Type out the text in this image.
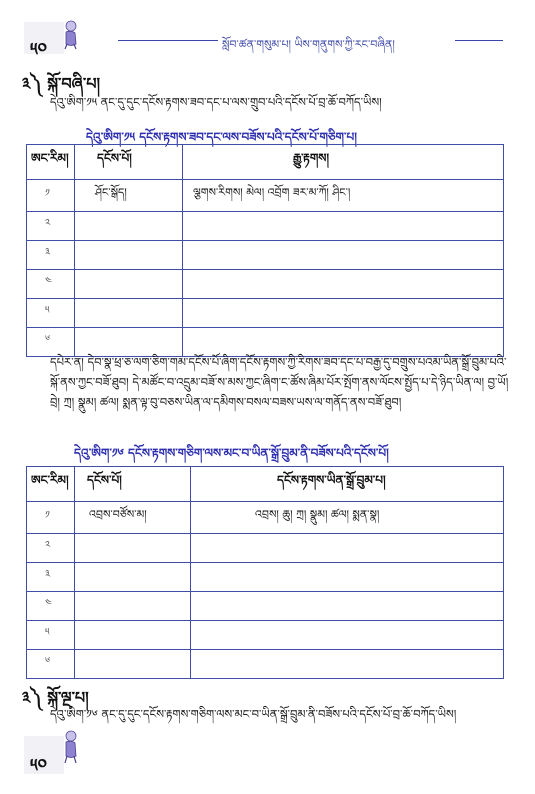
༥༠	སློབ་ཚན་གསུམ་པ། ཡིས་གནུགས་ཀྱི་རང་བཞིན།
༣༽ སྐོ་བཞི་པ།
དེའུ་ཨིག་༡༥ ནང་དུ་དུང་དངོས་རྟགས་ཟབ་དང་པ་ལས་གྲུབ་པའི་དངོས་པོ་བྲ་ཆོ་བཀོད་ཡིས།
དེའུ་ཨིག་༡༥ དངོས་རྟགས་ཟབ་དང་ལས་བཟོས་པའི་དངོས་པོ་གཅིག་པ།
ཨང་རིམ།	དངོས་པོ།	རྒྱུ་རྟགས།
༡	ཤོང་སྒོད།	ལྕགས་རིགས། མེལ། འབྲོག ཟར་མ་ཀོ། ཤིང་།
༢		
༣		
༤		
༥		
༦		
དཔེར་ན། དེབ་སྣ་ཕྲ་ཅ་ལག་ཅིག་གམ་དངོས་པོ་ཞིག་དངོས་རྟགས་ཀྱི་རིགས་ཟབ་དང་པ་བརྒྱ་དུ་བགྲུས་པའམ་ཡིན་སྒྲོ་བྲུམ་པའི་སྐོ་ནས་ཀྱང་བཟོ་ཐུབ། དེ་མཚོང་བ་འདྲུམ་བཟོ་ས་མས་ཀྱང་ཞིག་ང་ཚོས་ཞིམ་པོར་སྤོག་ནས་ལོངས་སྤྱོད་པ་དེ་ཉིད་ཡིན་ལ། བྱ་ཡོ། བྲེ། ཀྲ། སྣུམ། ཚལ། སྨན་ལྟ་བུ་བཅས་ཡིན་ལ་དམིགས་བསལ་བཟས་ཡས་ལ་གནོད་ནས་བཟོ་ཐུབ།
དེའུ་ཨིག་༡༦ དངོས་རྟགས་གཅིག་ལས་མང་བ་ཡིན་སྒྲོ་བྲུམ་ནི་བཟོས་པའི་དངོས་པོ།
ཨང་རིམ།	དངོས་པོ།	དངོས་རྟགས་ཡིན་སྒྲོ་བྲུམ་པ།
༡	འབྲས་བཙོས་མ།	འབྲས། ཆུ། ཀྲ། སྣུམ། ཚལ། སྨན་སྣ།
༢		
༣		
༤		
༥		
༦		
༣༽ སྐོ་ལྔ་པ།
དེའུ་ཨིག་༡༦ ནང་དུ་དུང་དངོས་རྟགས་གཅིག་ལས་མང་བ་ཡིན་སྒྲོ་བྲུམ་ནི་བཟོས་པའི་དངོས་པོ་བྲ་ཆོ་བཀོད་ཡིས།
༥༠
